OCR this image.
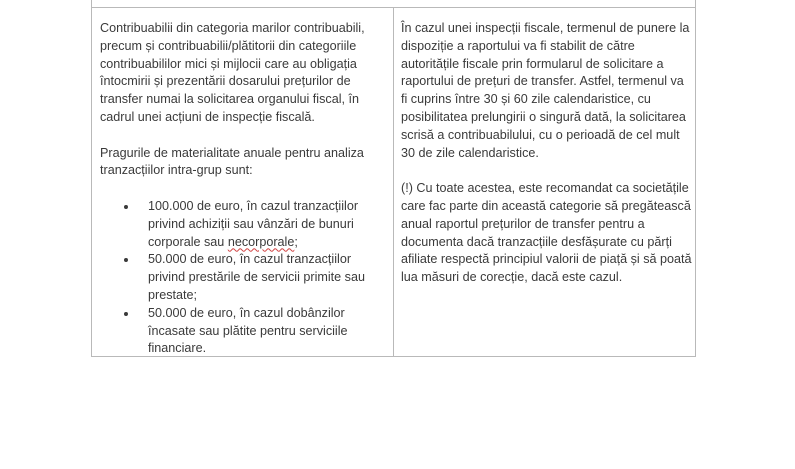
Contribuabilii din categoria marilor contribuabili, precum și contribuabilii/plătitorii din categoriile contribuabililor mici și mijlocii care au obligația întocmirii și prezentării dosarului prețurilor de transfer numai la solicitarea organului fiscal, în cadrul unei acțiuni de inspecție fiscală.

Pragurile de materialitate anuale pentru analiza tranzacțiilor intra-grup sunt:

100.000 de euro, în cazul tranzacțiilor privind achiziții sau vânzări de bunuri corporale sau necorporale;
50.000 de euro, în cazul tranzacțiilor privind prestările de servicii primite sau prestate;
50.000 de euro, în cazul dobânzilor încasate sau plătite pentru serviciile financiare.

În cazul unei inspecții fiscale, termenul de punere la dispoziție a raportului va fi stabilit de către autoritățile fiscale prin formularul de solicitare a raportului de prețuri de transfer. Astfel, termenul va fi cuprins între 30 și 60 zile calendaristice, cu posibilitatea prelungirii o singură dată, la solicitarea scrisă a contribuabilului, cu o perioadă de cel mult 30 de zile calendaristice.

(!) Cu toate acestea, este recomandat ca societățile care fac parte din această categorie să pregătească anual raportul prețurilor de transfer pentru a documenta dacă tranzacțiile desfășurate cu părți afiliate respectă principiul valorii de piață și să poată lua măsuri de corecție, dacă este cazul.
